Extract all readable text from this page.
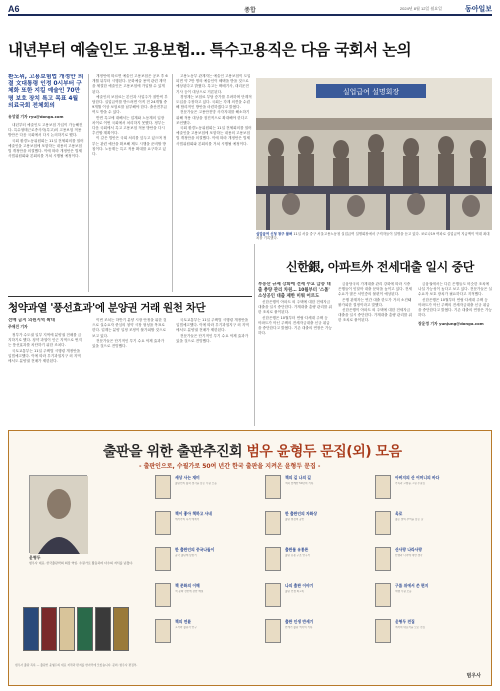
A6	종합	2024년 8월 12일 월요일	동아일보
내년부터 예술인도 고용보험… 특수고용직은 다음 국회서 논의
환노위, 고용보험법 개정안 의결 文대통령 인정 0시부터 구체화 또한 지킬 예술인 70만명 보호 장치 특고 목표 4월 의료국회 전체회의
유성열 기자 ryu@donga.com

내년부터 예술인도 고용보험 가입이 가능해진다. 특수형태근로종사자(특고)의 고용보험 적용 방안은 다음 국회에서 다시 논의하기로 했다.

국회 환경노동위원회는 11일 전체회의를 열어 예술인을 고용보험에 포함하는 내용의 고용보험법 개정안을 의결했다. 이에 따라 개정안은 법제사법위원회와 본회의를 거쳐 시행될 예정이다.

개정안에 따르면 예술인 고용보험은 공포 후 6개월 뒤부터 시행된다. 문화예술 용역 관련 계약을 체결한 예술인은 고용보험에 가입할 수 있게 된다.

예술인의 보험료는 본인과 사업주가 절반씩 부담한다. 실업급여를 받으려면 이직 전 24개월 중 9개월 이상 보험료를 납부해야 한다. 출산전후급여도 받을 수 있다.

반면 특고에 대해서는 업계와 노동계의 입장 차이로 이번 국회에서 처리하지 못했다. 정부는 다음 국회에서 특고 고용보험 적용 방안을 다시 추진할 계획이다.

이 같은 법안은 국회 처리를 앞두고 있으며 정부는 관련 예산을 확보해 제도 시행을 준비할 방침이다. 노동계는 특고 적용 확대를 요구하고 있다.

고용노동부 관계자는 예술인 고용보험이 도입되면 약 7만 명의 예술인이 혜택을 받을 것으로 예상된다고 밝혔다. 특고는 택배기사, 대리운전 기사 등이 대상으로 거론된다.

경영계는 보험료 부담 증가를 우려하며 단계적 도입을 주장하고 있다. 국회는 각계 의견을 수렴해 합리적인 방안을 마련하겠다고 밝혔다.

전문가들은 고용안전망 사각지대를 해소하기 위해 적용 대상을 점진적으로 확대해야 한다고 조언했다.

국회 환경노동위원회는 11일 전체회의를 열어 예술인을 고용보험에 포함하는 내용의 고용보험법 개정안을 의결했다. 이에 따라 개정안은 법제사법위원회와 본회의를 거쳐 시행될 예정이다.

실업급여 설명회장
실업급여 신청 창구 붐벼 11일 서울 중구 서울고용노동청 실업급여 설명회장에서 구직자들이 설명을 듣고 있다. 코로나19 여파로 실업급여 지급액이 역대 최대치를 기록했다.
청약과열 '풍선효과'에 분양권 거래 원천 차단
전매 금지 의원지역 확대
주애진 기자

정부가 수도권 일부 지역에 분양권 전매를 금지하기로 했다. 청약 과열이 인근 지역으로 번지는 풍선효과를 차단하기 위한 조치다.

국토교통부는 11일 주택법 시행령 개정안을 입법예고했다. 이에 따라 투기과열지구 외 지역에서도 분양권 전매가 제한된다.

이번 조치는 하반기 분양 시장 안정을 위한 것으로 실수요자 중심의 청약 시장 형성을 목표로 한다. 업계는 분양 일정 조정이 불가피할 것으로 보고 있다.

전문가들은 단기적인 투기 수요 억제 효과가 있을 것으로 전망했다.

국토교통부는 11일 주택법 시행령 개정안을 입법예고했다. 이에 따라 투기과열지구 외 지역에서도 분양권 전매가 제한된다.

전문가들은 단기적인 투기 수요 억제 효과가 있을 것으로 전망했다.

신한銀, 아파트外 전세대출 일시 중단
부동산 규제 강화에 전세 수요 급증 대출 총량 관리 차원… 10월부터 '스톱' 소상공인 대출 제한 미뤄 어르도

신한은행이 아파트 외 주택에 대한 전세자금대출을 일시 중단한다. 가계대출 총량 관리를 위한 조치로 풀이된다.

신한은행은 10월부터 연립·다세대 주택 등 아파트가 아닌 주택의 전세자금대출 신규 취급을 중단한다고 밝혔다. 기존 대출의 연장은 가능하다.

금융당국의 가계대출 관리 강화에 따라 시중은행들이 잇달아 대출 문턱을 높이고 있다. 전세 수요가 많은 서민층의 불편이 예상된다.

은행 관계자는 연간 대출 한도가 거의 소진돼 불가피한 결정이라고 말했다.

신한은행이 아파트 외 주택에 대한 전세자금대출을 일시 중단한다. 가계대출 총량 관리를 위한 조치로 풀이된다.

금융권에서는 다른 은행들도 비슷한 조치에 나설 가능성이 높다고 보고 있다. 전문가들은 실수요자 보호 장치가 필요하다고 지적했다.

신한은행은 10월부터 연립·다세대 주택 등 아파트가 아닌 주택의 전세자금대출 신규 취급을 중단한다고 밝혔다. 기존 대출의 연장은 가능하다.

장윤정 기자 yunjung@donga.com
출판을 위한 출판추진회 범우 윤형두 문집(외) 모음
- 출판인으로, 수필가로 50여 년간 한국 출판을 지켜온 윤형두 문집 -
윤형두
범우사 대표, 한국출판학회 회장 역임. 수필가로 활동하며 다수의 저서를 남겼다.
세상 사는 재미
출판인의 삶과 생각을 담은 수필 모음
책의 길 나의 길
책과 함께한 50년의 기록
아버지의 산 어머니의 바다
가족과 고향을 그린 수필집
책이 좋아 책하고 사네
애서가의 독서 에세이
한 출판인의 자화상
출판 현장의 증언
옥로
젊은 날의 추억을 담은 글
한 출판인의 중국나들이
중국 출판계 탐방기
출판물 유통론
출판 유통 구조 연구서
산사랑 나라사랑
산행과 나라에 대한 생각
책 문화의 이해
책 문화 전반에 관한 해설
나의 출판 이야기
출판 인생 회고록
구름 위에서 쓴 편지
여행 수필 모음
책의 연륜
고서와 출판사 연구
출판 인생 반세기
반세기 출판 역사의 기록
윤형두 전집
저자의 대표작을 모은 전집
범우사 출판 목록 — 출판인 윤형두의 대표 저작과 편저를 한자리에 모았습니다. 문의: 범우사 편집부.
범우사
